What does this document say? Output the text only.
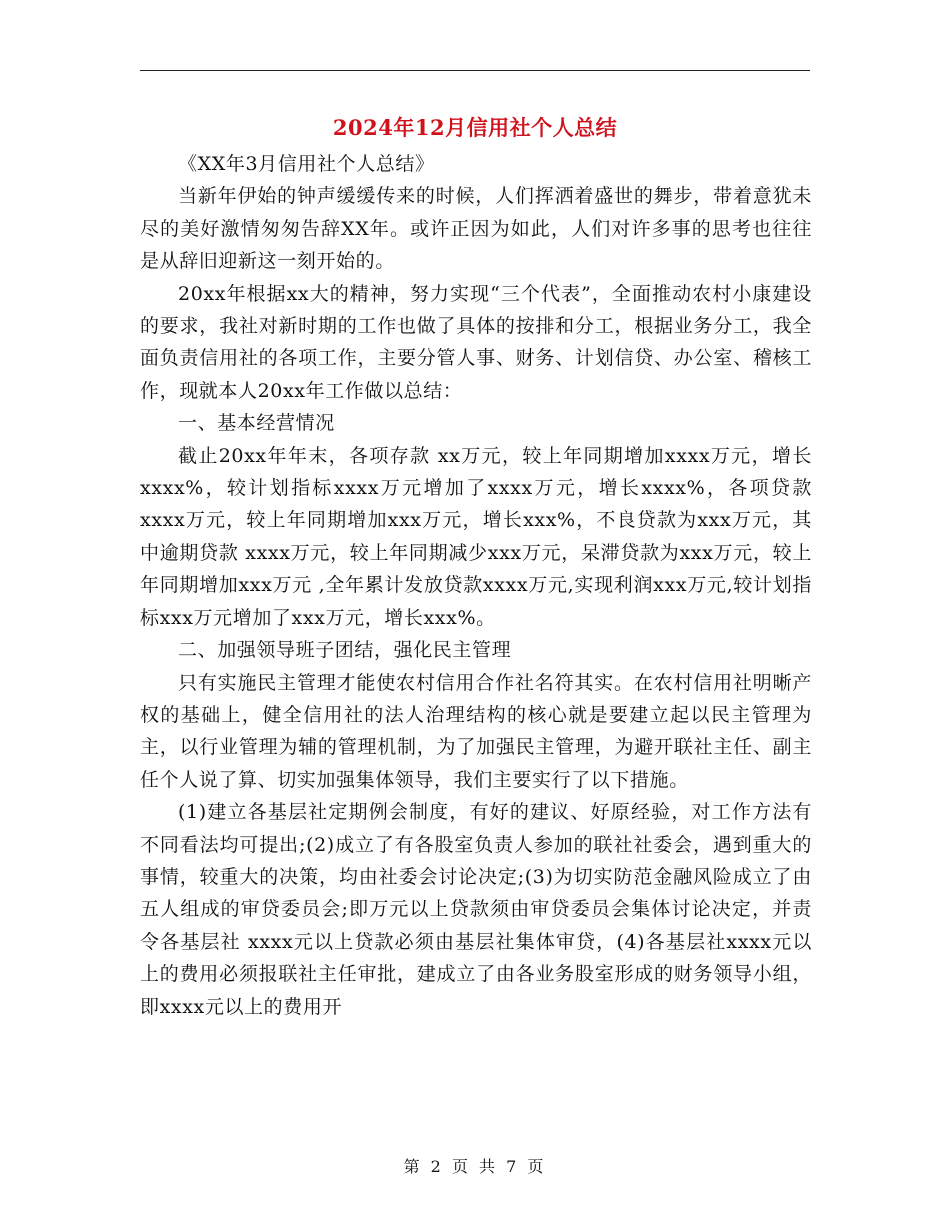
2024年12月信用社个人总结

《XX年3月信用社个人总结》

当新年伊始的钟声缓缓传来的时候，人们挥洒着盛世的舞步，带着意犹未尽的美好激情匆匆告辞XX年。或许正因为如此，人们对许多事的思考也往往是从辞旧迎新这一刻开始的。

20xx年根据xx大的精神，努力实现“三个代表”，全面推动农村小康建设的要求，我社对新时期的工作也做了具体的按排和分工，根据业务分工，我全面负责信用社的各项工作，主要分管人事、财务、计划信贷、办公室、稽核工作，现就本人20xx年工作做以总结：

一、基本经营情况

截止20xx年年末，各项存款 xx万元，较上年同期增加xxxx万元，增长xxxx%，较计划指标xxxx万元增加了xxxx万元，增长xxxx%，各项贷款xxxx万元，较上年同期增加xxx万元，增长xxx%，不良贷款为xxx万元，其中逾期贷款 xxxx万元，较上年同期减少xxx万元，呆滞贷款为xxx万元，较上年同期增加xxx万元 ,全年累计发放贷款xxxx万元,实现利润xxx万元,较计划指标xxx万元增加了xxx万元，增长xxx%。

二、加强领导班子团结，强化民主管理

只有实施民主管理才能使农村信用合作社名符其实。在农村信用社明晰产权的基础上，健全信用社的法人治理结构的核心就是要建立起以民主管理为主，以行业管理为辅的管理机制，为了加强民主管理，为避开联社主任、副主任个人说了算、切实加强集体领导，我们主要实行了以下措施。

(1)建立各基层社定期例会制度，有好的建议、好原经验，对工作方法有不同看法均可提出;(2)成立了有各股室负责人参加的联社社委会，遇到重大的事情，较重大的决策，均由社委会讨论决定;(3)为切实防范金融风险成立了由五人组成的审贷委员会;即万元以上贷款须由审贷委员会集体讨论决定，并责令各基层社 xxxx元以上贷款必须由基层社集体审贷，(4)各基层社xxxx元以上的费用必须报联社主任审批，建成立了由各业务股室形成的财务领导小组，即xxxx元以上的费用开

第 2 页 共 7 页
